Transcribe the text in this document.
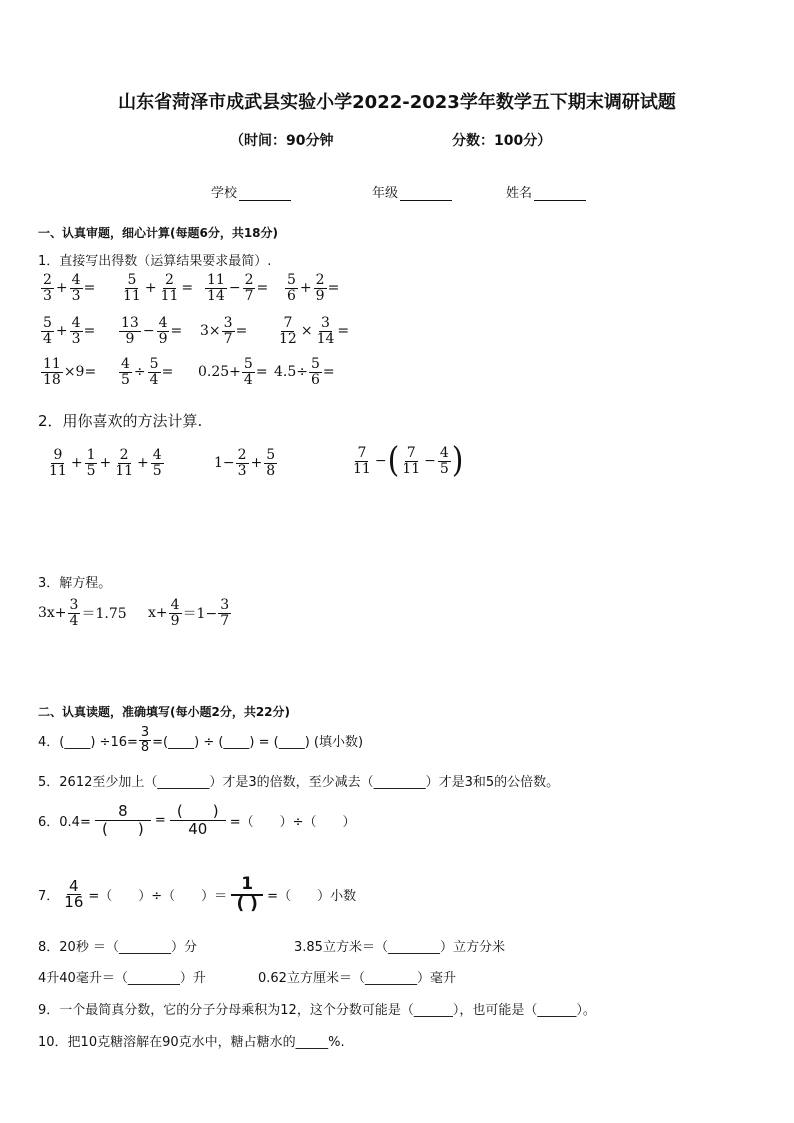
山东省菏泽市成武县实验小学2022-2023学年数学五下期末调研试题
（时间：90分钟	分数：100分）
学校	年级	姓名
一、认真审题，细心计算(每题6分，共18分)
1．直接写出得数（运算结果要求最简）.
$\frac{2}{3} + \frac{4}{3} = \frac{5}{11} + \frac{2}{11} = \frac{11}{14} - \frac{2}{7} = \frac{5}{6} + \frac{2}{9}$ =
$\frac{5}{4} + \frac{4}{3} = \frac{13}{9} - \frac{4}{9} = 3\times \frac{3}{7} = \frac{7}{12} \times \frac{3}{14}$ =
$\frac{11}{18} \times 9= \frac{4}{5} \div \frac{5}{4} = 0.25+ \frac{5}{4} = 4.5\div \frac{5}{6}$ =
2．用你喜欢的方法计算.
$\frac{9}{11} + \frac{1}{5} + \frac{2}{11} + \frac{4}{5}$	$1- \frac{2}{3} + \frac{5}{8}$	$\frac{7}{11}$ − ( $\frac{7}{11} - \frac{4}{5}$ )
3．解方程。
$3x+ \frac{3}{4} =1.75$ $x+ \frac{4}{9} =1- \frac{3}{7}$
二、认真读题，准确填写(每小题2分，共22分)
4．(____) $\div 16= \frac{3}{8}$ =(____) ÷ (____) = (____) (填小数)
5．2612至少加上（________）才是3的倍数，至少减去（________）才是3和5的公倍数。
6．$0.4= \frac{8}{( )} = \frac{( )}{40}$ =（　　）÷（　　）
7． $\frac{4}{16}$ =（　　）÷（　　）＝ $\frac{1}{( )}$ =（　　）小数
8．20秒 ＝（________）分	3.85立方米＝（________）立方分米
4升40毫升＝（________）升	0.62立方厘米＝（________）毫升
9．一个最简真分数，它的分子分母乘积为12，这个分数可能是（______），也可能是（______）。
10．把10克糖溶解在90克水中，糖占糖水的_____%.
